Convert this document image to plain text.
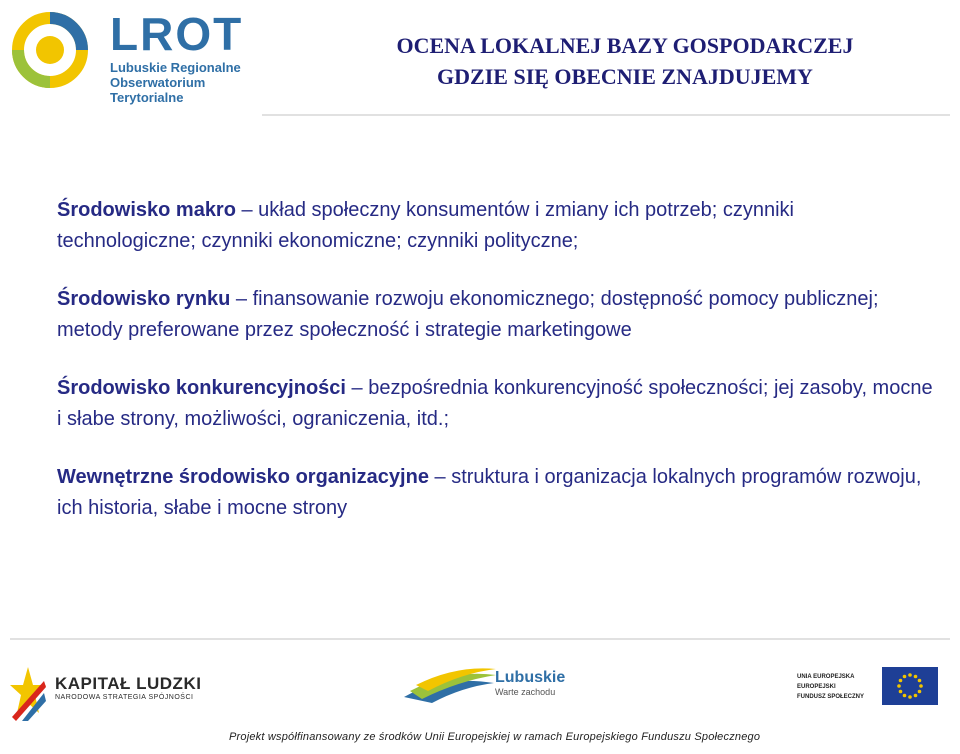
LROT
Lubuskie Regionalne
Obserwatorium Terytorialne
OCENA LOKALNEJ BAZY GOSPODARCZEJ
GDZIE SIĘ OBECNIE ZNAJDUJEMY

Środowisko makro – układ społeczny konsumentów i zmiany ich potrzeb; czynniki technologiczne; czynniki ekonomiczne; czynniki polityczne;

Środowisko rynku – finansowanie rozwoju ekonomicznego; dostępność pomocy publicznej; metody preferowane przez społeczność i strategie marketingowe

Środowisko konkurencyjności – bezpośrednia konkurencyjność społeczności; jej zasoby, mocne i słabe strony, możliwości, ograniczenia, itd.;

Wewnętrzne środowisko organizacyjne – struktura i organizacja lokalnych programów rozwoju, ich historia, słabe i mocne strony

KAPITAŁ LUDZKI
NARODOWA STRATEGIA SPÓJNOŚCI
Lubuskie
Warte zachodu
UNIA EUROPEJSKA
EUROPEJSKI
FUNDUSZ SPOŁECZNY
Projekt współfinansowany ze środków Unii Europejskiej w ramach Europejskiego Funduszu Społecznego
